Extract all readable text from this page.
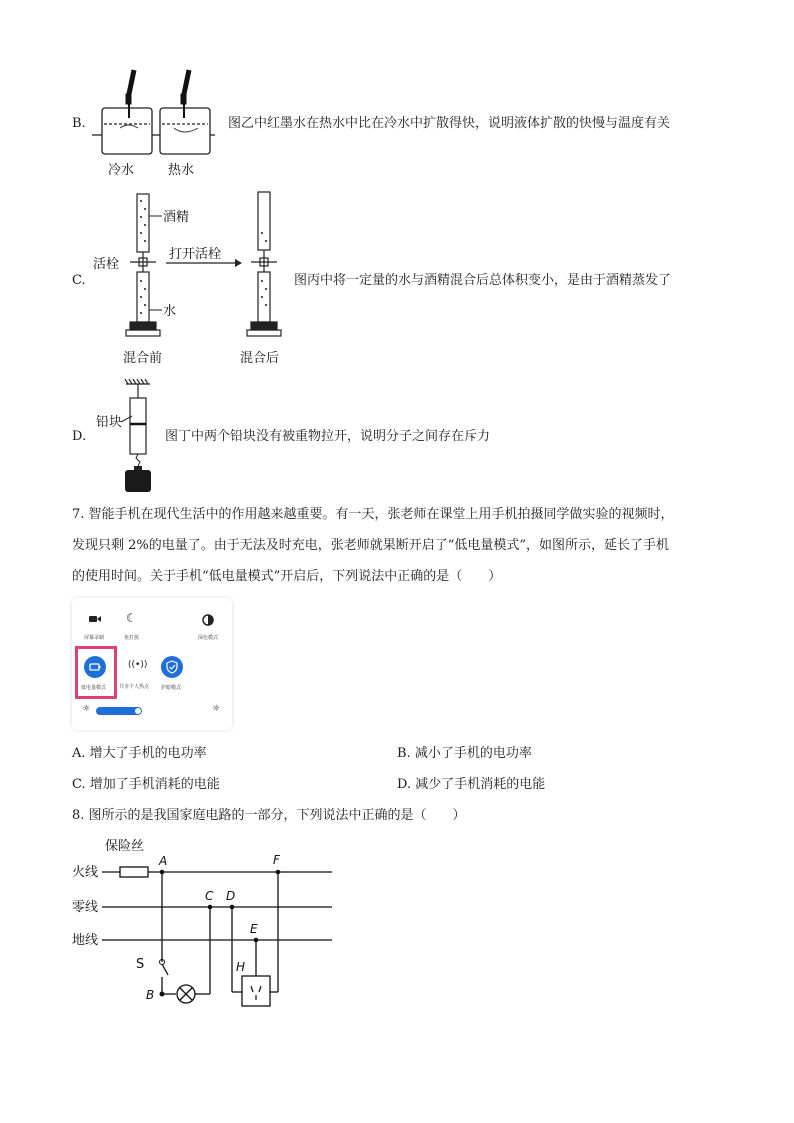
B.
冷水	热水
图乙中红墨水在热水中比在冷水中扩散得快，说明液体扩散的快慢与温度有关
C.
酒精
活栓
水
打开活栓
混合前	混合后
图丙中将一定量的水与酒精混合后总体积变小，是由于酒精蒸发了
D.
铅块
图丁中两个铅块没有被重物拉开，说明分子之间存在斥力
7. 智能手机在现代生活中的作用越来越重要。有一天，张老师在课堂上用手机拍摄同学做实验的视频时，
发现只剩 2%的电量了。由于无法及时充电，张老师就果断开启了“低电量模式”，如图所示，延长了手机
的使用时间。关于手机“低电量模式”开启后，下列说法中正确的是（　　）
屏幕录制
☾
免打扰	深色模式
低电量模式
((•))
共享个人热点 护眼模式
☼	☼
A. 增大了手机的电功率	B. 减小了手机的电功率
C. 增加了手机消耗的电能	D. 减少了手机消耗的电能
8. 图所示的是我国家庭电路的一部分，下列说法中正确的是（　　）
保险丝
火线
零线
地线
S
A
B
C D
E
F
H
